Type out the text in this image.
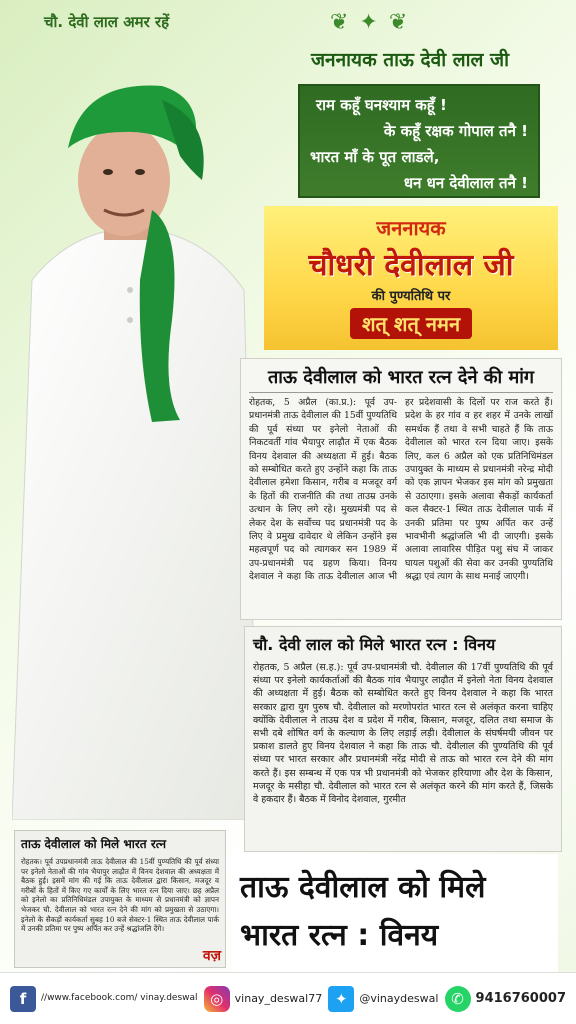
चौ. देवी लाल अमर रहें	❦ ✦ ❦
जननायक ताऊ देवी लाल जी
राम कहूँ घनश्याम कहूँ !
के कहूँ रक्षक गोपाल तनै !
भारत माँ के पूत लाडले,
धन धन देवीलाल तनै !
जननायक
चौधरी देवीलाल जी
की पुण्यतिथि पर
शत् शत् नमन
ताऊ देवीलाल को भारत रत्न देने की मांग
रोहतक, 5 अप्रैल (का.प्र.): पूर्व उप-प्रधानमंत्री ताऊ देवीलाल की 15वीं पुण्यतिथि की पूर्व संध्या पर इनेलो नेताओं की निकटवर्ती गांव भैयापुर लाढ़ौत में एक बैठक विनय देशवाल की अध्यक्षता में हुई। बैठक को सम्बोधित करते हुए उन्होंने कहा कि ताऊ देवीलाल हमेशा किसान, गरीब व मजदूर वर्ग के हितों की राजनीति की तथा ताउम्र उनके उत्थान के लिए लगे रहे। मुख्यमंत्री पद से लेकर देश के सर्वोच्च पद प्रधानमंत्री पद के लिए वे प्रमुख दावेदार थे लेकिन उन्होंने इस महत्वपूर्ण पद को त्यागकर सन 1989 में उप-प्रधानमंत्री पद ग्रहण किया। विनय देशवाल ने कहा कि ताऊ देवीलाल आज भी हर प्रदेशवासी के दिलों पर राज करते हैं। प्रदेश के हर गांव व हर शहर में उनके लाखों समर्थक हैं तथा वे सभी चाहते हैं कि ताऊ देवीलाल को भारत रत्न दिया जाए। इसके लिए, कल 6 अप्रैल को एक प्रतिनिधिमंडल उपायुक्त के माध्यम से प्रधानमंत्री नरेन्द्र मोदी को एक ज्ञापन भेजकर इस मांग को प्रमुखता से उठाएगा। इसके अलावा सैकड़ों कार्यकर्ता कल सैक्टर-1 स्थित ताऊ देवीलाल पार्क में उनकी प्रतिमा पर पुष्प अर्पित कर उन्हें भावभीनी श्रद्धांजलि भी दी जाएगी। इसके अलावा लावारिस पीड़ित पशु संघ में जाकर घायल पशुओं की सेवा कर उनकी पुण्यतिथि श्रद्धा एवं त्याग के साथ मनाई जाएगी।
चौ. देवी लाल को मिले भारत रत्न : विनय
रोहतक, 5 अप्रैल (स.ह.): पूर्व उप-प्रधानमंत्री चौ. देवीलाल की 17वीं पुण्यतिथि की पूर्व संध्या पर इनेलो कार्यकर्ताओं की बैठक गांव भैयापुर लाढ़ौत में इनेलो नेता विनय देशवाल की अध्यक्षता में हुई। बैठक को सम्बोधित करते हुए विनय देशवाल ने कहा कि भारत सरकार द्वारा युग पुरुष चौ. देवीलाल को मरणोपरांत भारत रत्न से अलंकृत करना चाहिए क्योंकि देवीलाल ने ताउम्र देश व प्रदेश में गरीब, किसान, मजदूर, दलित तथा समाज के सभी दबे शोषित वर्ग के कल्याण के लिए लड़ाई लड़ी। देवीलाल के संघर्षमयी जीवन पर प्रकाश डालते हुए विनय देशवाल ने कहा कि ताऊ चौ. देवीलाल की पुण्यतिथि की पूर्व संध्या पर भारत सरकार और प्रधानमंत्री नरेंद्र मोदी से ताऊ को भारत रत्न देने की मांग करते हैं। इस सम्बन्ध में एक पत्र भी प्रधानमंत्री को भेजकर हरियाणा और देश के किसान, मजदूर के मसीहा चौ. देवीलाल को भारत रत्न से अलंकृत करने की मांग करते हैं, जिसके वे हकदार हैं। बैठक में विनोद देशवाल, गुरमीत
ताऊ देवीलाल को मिले भारत रत्न
रोहतक। पूर्व उपप्रधानमंत्री ताऊ देवीलाल की 15वीं पुण्यतिथि की पूर्व संध्या पर इनेलो नेताओं की गांव भैयापुर लाढ़ौत में विनय देशवाल की अध्यक्षता में बैठक हुई। इसमें मांग की गई कि ताऊ देवीलाल द्वारा किसान, मजदूर व गरीबों के हितों में किए गए कार्यों के लिए भारत रत्न दिया जाए। छह अप्रैल को इनेलो का प्रतिनिधिमंडल उपायुक्त के माध्यम से प्रधानमंत्री को ज्ञापन भेजकर चौ. देवीलाल को भारत रत्न देने की मांग को प्रमुखता से उठाएगा। इनेलो के सैकड़ों कार्यकर्ता सुबह 10 बजे सेक्टर-1 स्थित ताऊ देवीलाल पार्क में उनकी प्रतिमा पर पुष्प अर्पित कर उन्हें श्रद्धांजलि देंगे।
वज़
ताऊ देवीलाल को मिले
भारत रत्न : विनय
f	//www.facebook.com/ vinay.deswal ◎	vinay_deswal77 ✦	@vinaydeswal ✆ 9416760007
